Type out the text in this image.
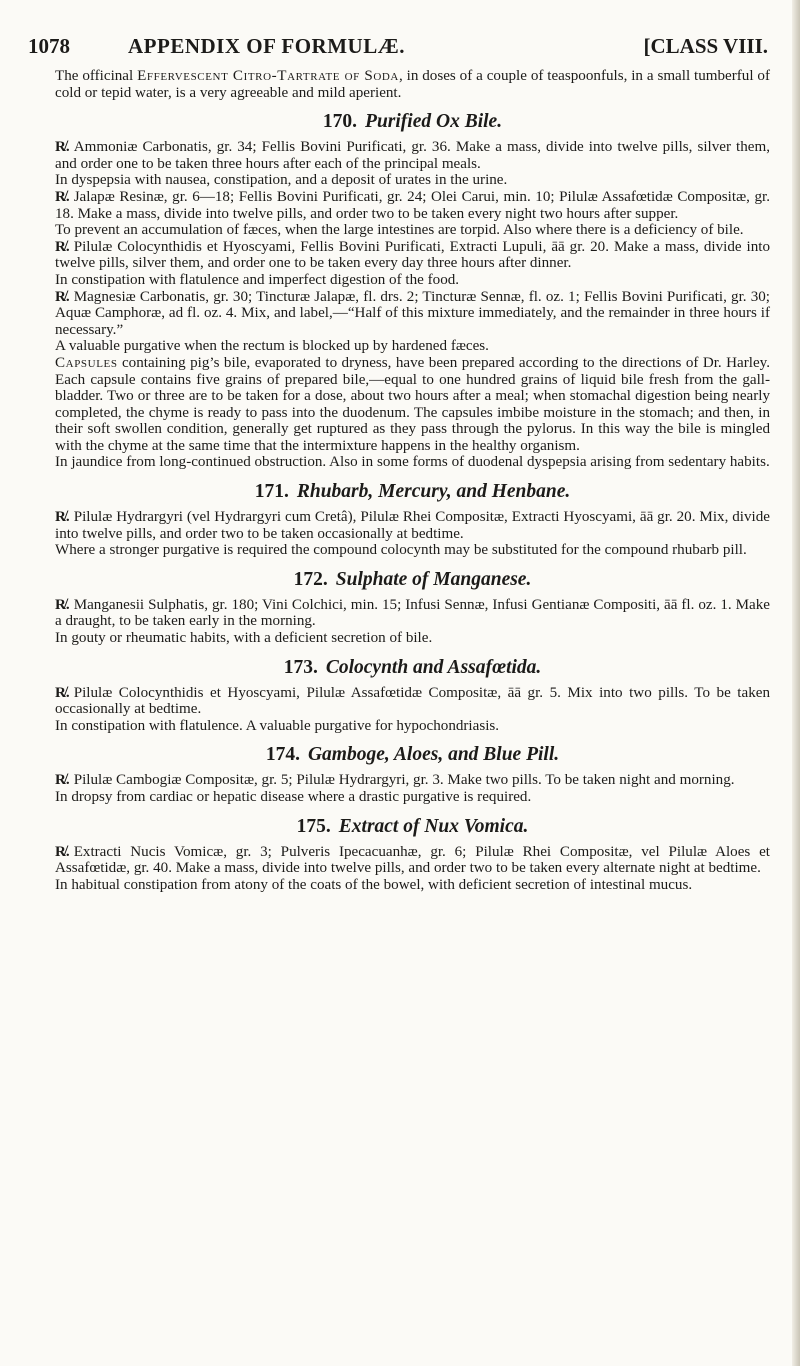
1078	APPENDIX OF FORMULÆ.	[CLASS VIII.

The officinal Effervescent Citro-Tartrate of Soda, in doses of a couple of teaspoonfuls, in a small tumberful of cold or tepid water, is a very agreeable and mild aperient.

170. Purified Ox Bile.

R̸. Ammoniæ Carbonatis, gr. 34; Fellis Bovini Purificati, gr. 36. Make a mass, divide into twelve pills, silver them, and order one to be taken three hours after each of the principal meals.

In dyspepsia with nausea, constipation, and a deposit of urates in the urine.

R̸. Jalapæ Resinæ, gr. 6—18; Fellis Bovini Purificati, gr. 24; Olei Carui, min. 10; Pilulæ Assafœtidæ Compositæ, gr. 18. Make a mass, divide into twelve pills, and order two to be taken every night two hours after supper.

To prevent an accumulation of fæces, when the large intestines are torpid. Also where there is a deficiency of bile.

R̸. Pilulæ Colocynthidis et Hyoscyami, Fellis Bovini Purificati, Extracti Lupuli, āā gr. 20. Make a mass, divide into twelve pills, silver them, and order one to be taken every day three hours after dinner.

In constipation with flatulence and imperfect digestion of the food.

R̸. Magnesiæ Carbonatis, gr. 30; Tincturæ Jalapæ, fl. drs. 2; Tincturæ Sennæ, fl. oz. 1; Fellis Bovini Purificati, gr. 30; Aquæ Camphoræ, ad fl. oz. 4. Mix, and label,—“Half of this mixture immediately, and the remainder in three hours if necessary.”

A valuable purgative when the rectum is blocked up by hardened fæces.

Capsules containing pig’s bile, evaporated to dryness, have been prepared according to the directions of Dr. Harley. Each capsule contains five grains of prepared bile,—equal to one hundred grains of liquid bile fresh from the gall-bladder. Two or three are to be taken for a dose, about two hours after a meal; when stomachal digestion being nearly completed, the chyme is ready to pass into the duodenum. The capsules imbibe moisture in the stomach; and then, in their soft swollen condition, generally get ruptured as they pass through the pylorus. In this way the bile is mingled with the chyme at the same time that the intermixture happens in the healthy organism.

In jaundice from long-continued obstruction. Also in some forms of duodenal dyspepsia arising from sedentary habits.

171. Rhubarb, Mercury, and Henbane.

R̸. Pilulæ Hydrargyri (vel Hydrargyri cum Cretâ), Pilulæ Rhei Compositæ, Extracti Hyoscyami, āā gr. 20. Mix, divide into twelve pills, and order two to be taken occasionally at bedtime.

Where a stronger purgative is required the compound colocynth may be substituted for the compound rhubarb pill.

172. Sulphate of Manganese.

R̸. Manganesii Sulphatis, gr. 180; Vini Colchici, min. 15; Infusi Sennæ, Infusi Gentianæ Compositi, āā fl. oz. 1. Make a draught, to be taken early in the morning.

In gouty or rheumatic habits, with a deficient secretion of bile.

173. Colocynth and Assafœtida.

R̸. Pilulæ Colocynthidis et Hyoscyami, Pilulæ Assafœtidæ Compositæ, āā gr. 5. Mix into two pills. To be taken occasionally at bedtime.

In constipation with flatulence. A valuable purgative for hypochondriasis.

174. Gamboge, Aloes, and Blue Pill.

R̸. Pilulæ Cambogiæ Compositæ, gr. 5; Pilulæ Hydrargyri, gr. 3. Make two pills. To be taken night and morning.

In dropsy from cardiac or hepatic disease where a drastic purgative is required.

175. Extract of Nux Vomica.

R̸. Extracti Nucis Vomicæ, gr. 3; Pulveris Ipecacuanhæ, gr. 6; Pilulæ Rhei Compositæ, vel Pilulæ Aloes et Assafœtidæ, gr. 40. Make a mass, divide into twelve pills, and order two to be taken every alternate night at bedtime.

In habitual constipation from atony of the coats of the bowel, with deficient secretion of intestinal mucus.
